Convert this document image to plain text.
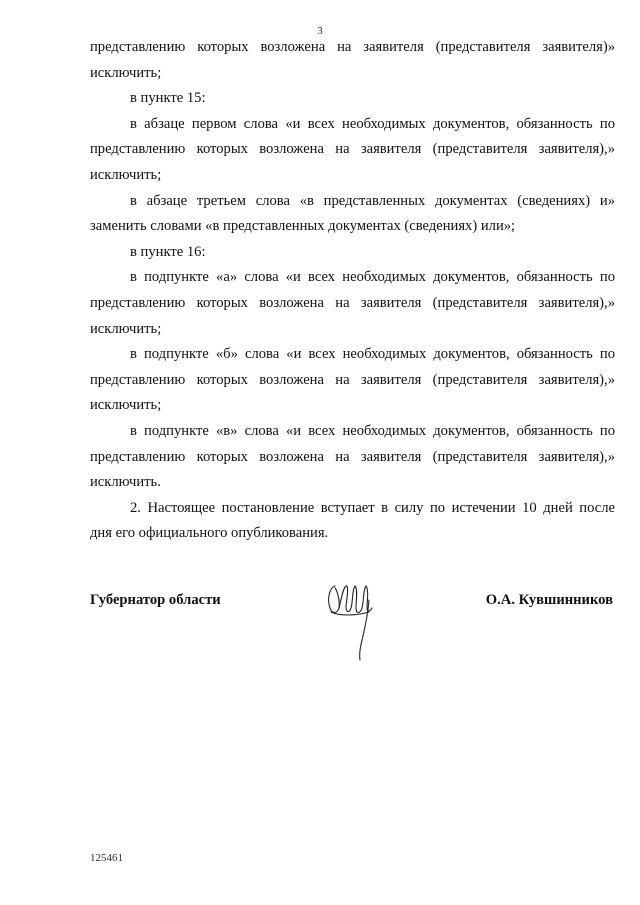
3
представлению которых возложена на заявителя (представителя заявителя)»
исключить;
в пункте 15:
в абзаце первом слова «и всех необходимых документов, обязанность по
представлению которых возложена на заявителя (представителя заявителя),»
исключить;
в абзаце третьем слова «в представленных документах (сведениях) и»
заменить словами «в представленных документах (сведениях) или»;
в пункте 16:
в подпункте «а» слова «и всех необходимых документов, обязанность по
представлению которых возложена на заявителя (представителя заявителя),»
исключить;
в подпункте «б» слова «и всех необходимых документов, обязанность по
представлению которых возложена на заявителя (представителя заявителя),»
исключить;
в подпункте «в» слова «и всех необходимых документов, обязанность по
представлению которых возложена на заявителя (представителя заявителя),»
исключить.
2. Настоящее постановление вступает в силу по истечении 10 дней после
дня его официального опубликования.
Губернатор области	О.А. Кувшинников
125461
